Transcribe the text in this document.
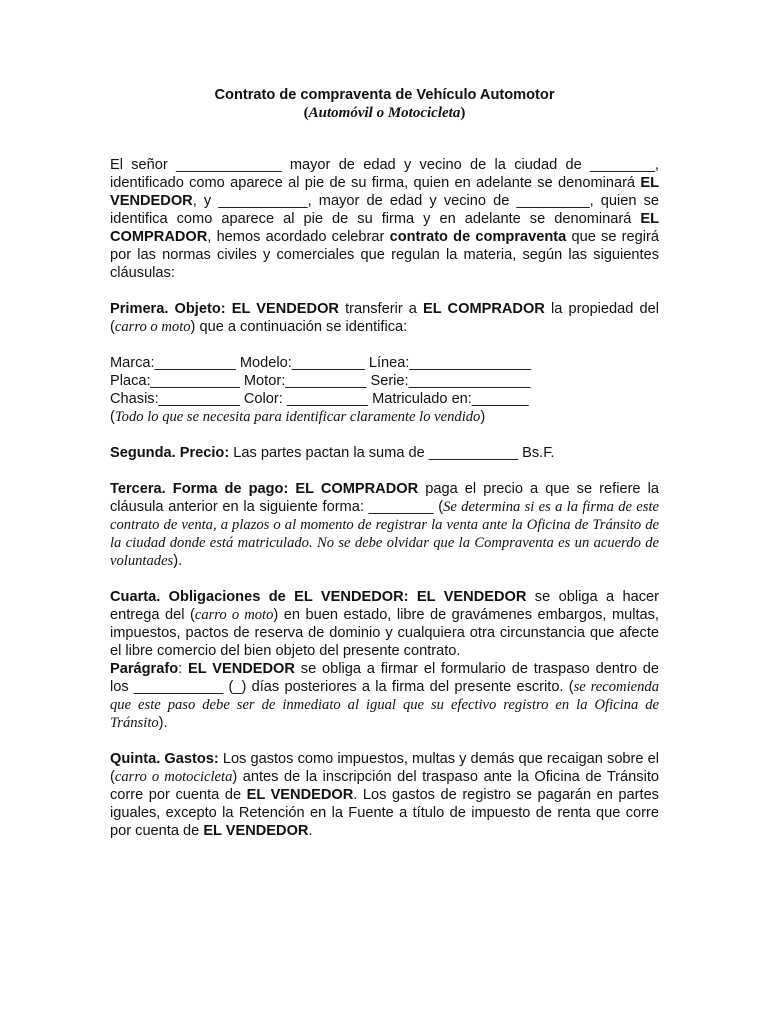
Contrato de compraventa de Vehículo Automotor

(Automóvil o Motocicleta)

El señor _____________ mayor de edad y vecino de la ciudad de ________, identificado como aparece al pie de su firma, quien en adelante se denominará EL VENDEDOR, y ___________, mayor de edad y vecino de _________, quien se identifica como aparece al pie de su firma y en adelante se denominará EL COMPRADOR, hemos acordado celebrar contrato de compraventa que se regirá por las normas civiles y comerciales que regulan la materia, según las siguientes cláusulas:

Primera. Objeto: EL VENDEDOR transferir a EL COMPRADOR la propiedad del (carro o moto) que a continuación se identifica:

Marca:__________ Modelo:_________ Línea:_______________

Placa:___________ Motor:__________ Serie:_______________

Chasis:__________ Color: __________ Matriculado en:_______

(Todo lo que se necesita para identificar claramente lo vendido)

Segunda. Precio: Las partes pactan la suma de ___________ Bs.F.

Tercera. Forma de pago: EL COMPRADOR paga el precio a que se refiere la cláusula anterior en la siguiente forma: ________ (Se determina si es a la firma de este contrato de venta, a plazos o al momento de registrar la venta ante la Oficina de Tránsito de la ciudad donde está matriculado. No se debe olvidar que la Compraventa es un acuerdo de voluntades).

Cuarta. Obligaciones de EL VENDEDOR: EL VENDEDOR se obliga a hacer entrega del (carro o moto) en buen estado, libre de gravámenes embargos, multas, impuestos, pactos de reserva de dominio y cualquiera otra circunstancia que afecte el libre comercio del bien objeto del presente contrato.

Parágrafo: EL VENDEDOR se obliga a firmar el formulario de traspaso dentro de los ___________ (_) días posteriores a la firma del presente escrito. (se recomienda que este paso debe ser de inmediato al igual que su efectivo registro en la Oficina de Tránsito).

Quinta. Gastos: Los gastos como impuestos, multas y demás que recaigan sobre el (carro o motocicleta) antes de la inscripción del traspaso ante la Oficina de Tránsito corre por cuenta de EL VENDEDOR. Los gastos de registro se pagarán en partes iguales, excepto la Retención en la Fuente a título de impuesto de renta que corre por cuenta de EL VENDEDOR.
